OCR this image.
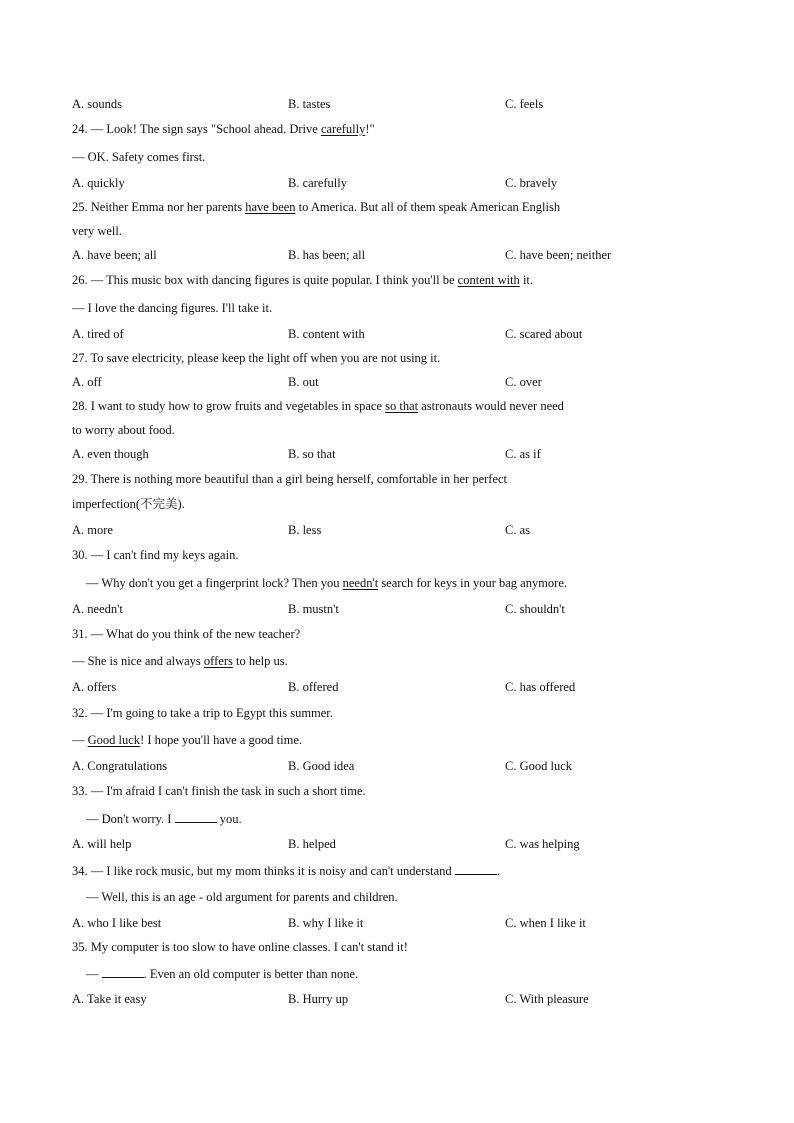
A. sounds	B. tastes	C. feels
24. — Look! The sign says "School ahead. Drive carefully!"
— OK. Safety comes first.
A. quickly	B. carefully	C. bravely
25. Neither Emma nor her parents have been to America. But all of them speak American English
very well.
A. have been; all	B. has been; all	C. have been; neither
26. — This music box with dancing figures is quite popular. I think you'll be content with it.
— I love the dancing figures. I'll take it.
A. tired of	B. content with	C. scared about
27. To save electricity, please keep the light off when you are not using it.
A. off	B. out	C. over
28. I want to study how to grow fruits and vegetables in space so that astronauts would never need
to worry about food.
A. even though	B. so that	C. as if
29. There is nothing more beautiful than a girl being herself, comfortable in her perfect
imperfection(不完美).
A. more	B. less	C. as
30. — I can't find my keys again.
— Why don't you get a fingerprint lock? Then you needn't search for keys in your bag anymore.
A. needn't	B. mustn't	C. shouldn't
31. — What do you think of the new teacher?
— She is nice and always offers to help us.
A. offers	B. offered	C. has offered
32. — I'm going to take a trip to Egypt this summer.
— Good luck! I hope you'll have a good time.
A. Congratulations	B. Good idea	C. Good luck
33. — I'm afraid I can't finish the task in such a short time.
— Don't worry. I	you.
A. will help	B. helped	C. was helping
34. — I like rock music, but my mom thinks it is noisy and can't understand	.
— Well, this is an age - old argument for parents and children.
A. who I like best	B. why I like it	C. when I like it
35. My computer is too slow to have online classes. I can't stand it!
—	. Even an old computer is better than none.
A. Take it easy	B. Hurry up	C. With pleasure
